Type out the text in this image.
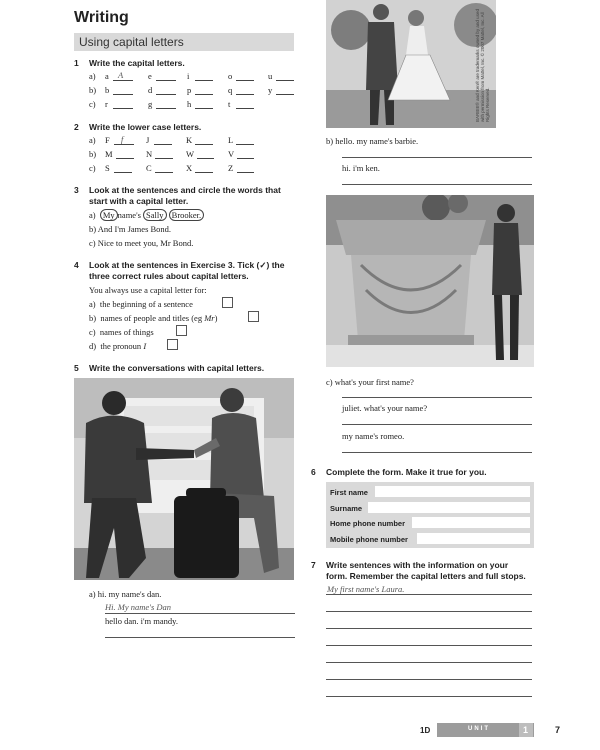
Writing
Using capital letters
1 Write the capital letters.
a) a A	e	i	o	u
b) b	d	p	q	y
c) r	g	h	t
2 Write the lower case letters.
a) F f	J	K	L
b) M	N	W	V
c) S	C	X	Z
3 Look at the sentences and circle the words that
start with a capital letter.
a) My name's Sally Brooker.
b) And I'm James Bond.
c) Nice to meet you, Mr Bond.
4 Look at the sentences in Exercise 3. Tick (✓) the
three correct rules about capital letters.
You always use a capital letter for:
a) the beginning of a sentence
b) names of people and titles (eg Mr)
c) names of things
d) the pronoun I
5 Write the conversations with capital letters.
a) hi. my name's dan.
Hi. My name's Dan
hello dan. i'm mandy.
BARBIE® and Ken® are trademarks owned by and used with permission from Mattel, Inc. © 2007 Mattel, Inc. All Rights Reserved.
b) hello. my name's barbie.
hi. i'm ken.
c) what's your first name?
juliet. what's your name?
my name's romeo.
6 Complete the form. Make it true for you.
First name
Surname
Home phone number
Mobile phone number
7 Write sentences with the information on your
form. Remember the capital letters and full stops.
My first name's Laura.
1D	UNIT	1	7
